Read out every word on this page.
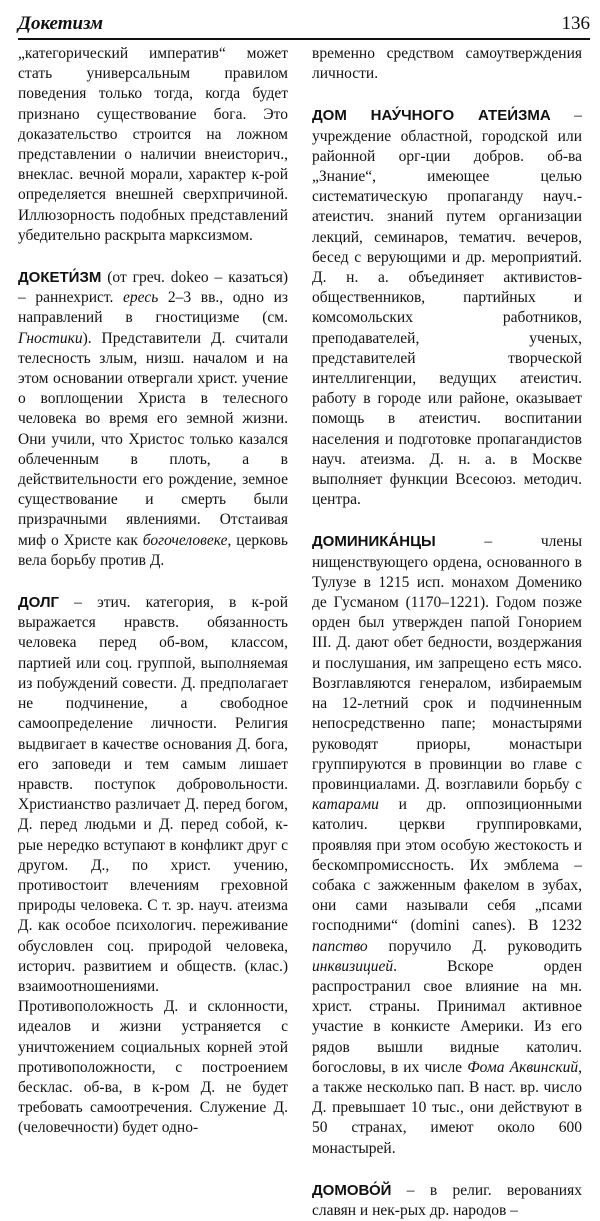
Докетизм	136

„категорический императив“ может стать универсальным правилом поведения только тогда, когда будет признано существование бога. Это доказательство строится на ложном представлении о наличии внеисторич., внеклас. вечной морали, характер к-рой определяется внешней сверхпричиной. Иллюзорность подобных представлений убедительно раскрыта марксизмом.

ДОКЕТИЗМ (от греч. dokeo – казаться) – раннехрист. ересь 2–3 вв., одно из направлений в гностицизме (см. Гностики). Представители Д. считали телесность злым, низш. началом и на этом основании отвергали христ. учение о воплощении Христа в телесного человека во время его земной жизни. Они учили, что Христос только казался облеченным в плоть, а в действительности его рождение, земное существование и смерть были призрачными явлениями. Отстаивая миф о Христе как богочеловеке, церковь вела борьбу против Д.

ДОЛГ – этич. категория, в к-рой выражается нравств. обязанность человека перед об-вом, классом, партией или соц. группой, выполняемая из побуждений совести. Д. предполагает не подчинение, а свободное самоопределение личности. Религия выдвигает в качестве основания Д. бога, его заповеди и тем самым лишает нравств. поступок добровольности. Христианство различает Д. перед богом, Д. перед людьми и Д. перед собой, к-рые нередко вступают в конфликт друг с другом. Д., по христ. учению, противостоит влечениям греховной природы человека. С т. зр. науч. атеизма Д. как особое психологич. переживание обусловлен соц. природой человека, историч. развитием и обществ. (клас.) взаимоотношениями. Противоположность Д. и склонности, идеалов и жизни устраняется с уничтожением социальных корней этой противоположности, с построением бесклас. об-ва, в к-ром Д. не будет требовать самоотречения. Служение Д. (человечности) будет одно-

временно средством самоутверждения личности.

ДОМ НАУЧНОГО АТЕИЗМА – учреждение областной, городской или районной орг-ции добров. об-ва „Знание“, имеющее целью систематическую пропаганду науч.-атеистич. знаний путем организации лекций, семинаров, тематич. вечеров, бесед с верующими и др. мероприятий. Д. н. а. объединяет активистов-общественников, партийных и комсомольских работников, преподавателей, ученых, представителей творческой интеллигенции, ведущих атеистич. работу в городе или районе, оказывает помощь в атеистич. воспитании населения и подготовке пропагандистов науч. атеизма. Д. н. а. в Москве выполняет функции Всесоюз. методич. центра.

ДОМИНИКАНЦЫ – члены нищенствующего ордена, основанного в Тулузе в 1215 исп. монахом Доменико де Гусманом (1170–1221). Годом позже орден был утвержден папой Гонорием III. Д. дают обет бедности, воздержания и послушания, им запрещено есть мясо. Возглавляются генералом, избираемым на 12-летний срок и подчиненным непосредственно папе; монастырями руководят приоры, монастыри группируются в провинции во главе с провинциалами. Д. возглавили борьбу с катарами и др. оппозиционными католич. церкви группировками, проявляя при этом особую жестокость и бескомпромиссность. Их эмблема – собака с зажженным факелом в зубах, они сами называли себя „псами господними“ (domini canes). В 1232 папство поручило Д. руководить инквизицией. Вскоре орден распространил свое влияние на мн. христ. страны. Принимал активное участие в конкисте Америки. Из его рядов вышли видные католич. богословы, в их числе Фома Аквинский, а также несколько пап. В наст. вр. число Д. превышает 10 тыс., они действуют в 50 странах, имеют около 600 монастырей.

ДОМОВОЙ – в религ. верованиях славян и нек-рых др. народов –
